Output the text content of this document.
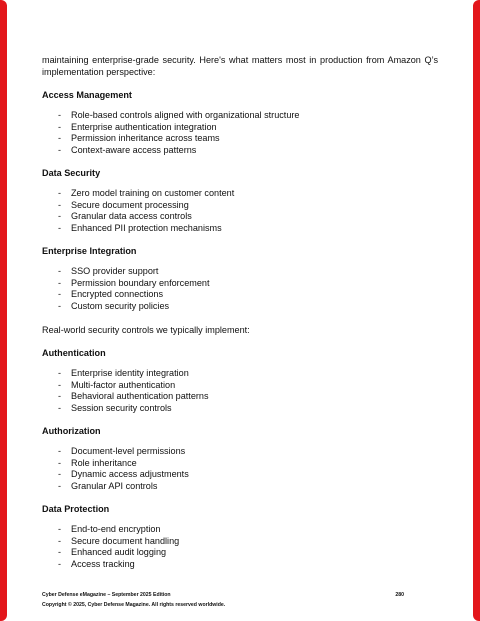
maintaining enterprise-grade security. Here's what matters most in production from Amazon Q’s implementation perspective:

Access Management
- Role-based controls aligned with organizational structure
- Enterprise authentication integration
- Permission inheritance across teams
- Context-aware access patterns
Data Security
- Zero model training on customer content
- Secure document processing
- Granular data access controls
- Enhanced PII protection mechanisms
Enterprise Integration
- SSO provider support
- Permission boundary enforcement
- Encrypted connections
- Custom security policies

Real-world security controls we typically implement:

Authentication
- Enterprise identity integration
- Multi-factor authentication
- Behavioral authentication patterns
- Session security controls
Authorization
- Document-level permissions
- Role inheritance
- Dynamic access adjustments
- Granular API controls
Data Protection
- End-to-end encryption
- Secure document handling
- Enhanced audit logging
- Access tracking
Cyber Defense eMagazine – September 2025 Edition	280
Copyright © 2025, Cyber Defense Magazine. All rights reserved worldwide.
